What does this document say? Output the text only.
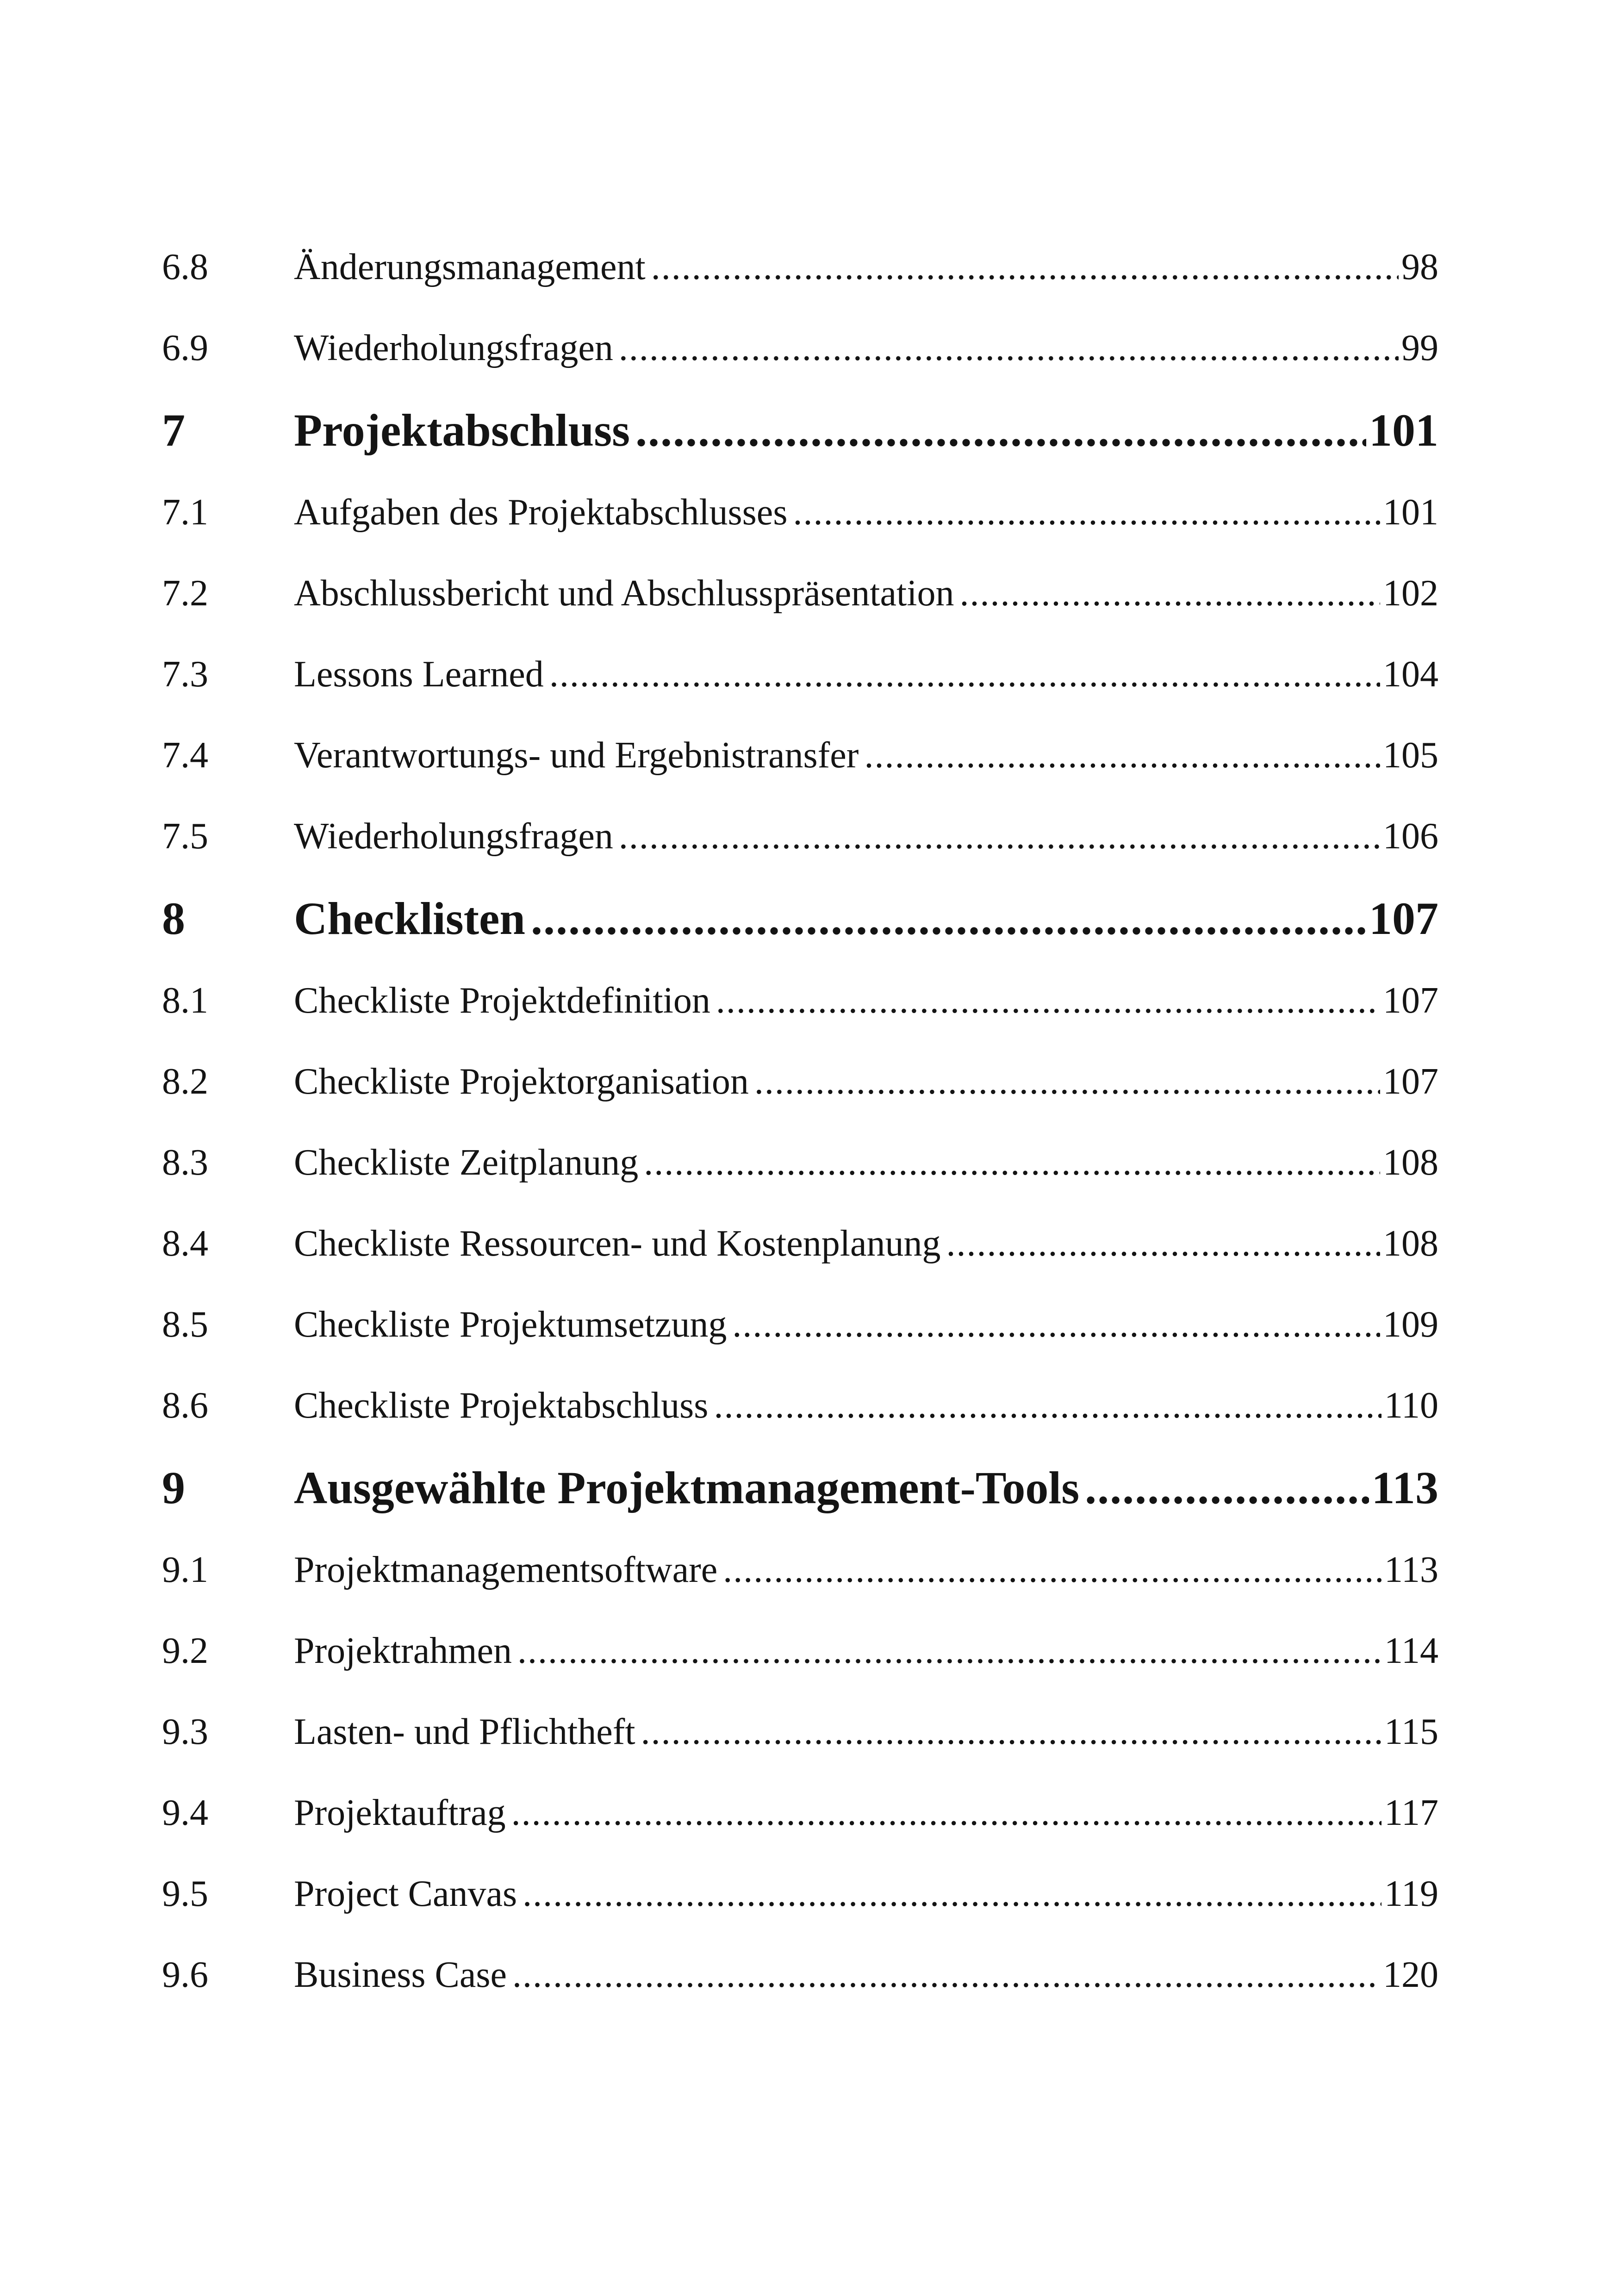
6.8	Änderungsmanagement .....	98
6.9	Wiederholungsfragen .....	99
7	Projektabschluss .....	101
7.1	Aufgaben des Projektabschlusses .....	101
7.2	Abschlussbericht und Abschlusspräsentation .....	102
7.3	Lessons Learned .....	104
7.4	Verantwortungs- und Ergebnistransfer .....	105
7.5	Wiederholungsfragen .....	106
8	Checklisten .....	107
8.1	Checkliste Projektdefinition .....	107
8.2	Checkliste Projektorganisation .....	107
8.3	Checkliste Zeitplanung .....	108
8.4	Checkliste Ressourcen- und Kostenplanung .....	108
8.5	Checkliste Projektumsetzung .....	109
8.6	Checkliste Projektabschluss .....	110
9	Ausgewählte Projektmanagement-Tools .....	113
9.1	Projektmanagementsoftware .....	113
9.2	Projektrahmen .....	114
9.3	Lasten- und Pflichtheft .....	115
9.4	Projektauftrag .....	117
9.5	Project Canvas .....	119
9.6	Business Case .....	120
